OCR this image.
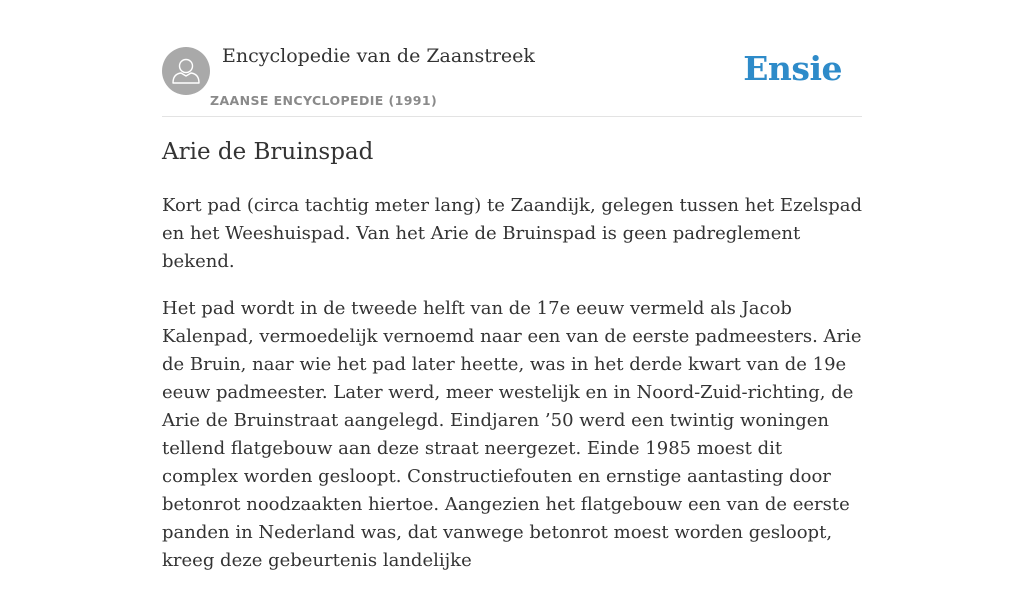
Encyclopedie van de Zaanstreek
ZAANSE ENCYCLOPEDIE (1991)
Ensie
Arie de Bruinspad

Kort pad (circa tachtig meter lang) te Zaandijk, gelegen tussen het Ezelspad en het Weeshuispad. Van het Arie de Bruinspad is geen padreglement bekend.

Het pad wordt in de tweede helft van de 17e eeuw vermeld als Jacob Kalenpad, vermoedelijk vernoemd naar een van de eerste padmeesters. Arie de Bruin, naar wie het pad later heette, was in het derde kwart van de 19e eeuw padmeester. Later werd, meer westelijk en in Noord-Zuid-richting, de Arie de Bruinstraat aangelegd. Eindjaren ’50 werd een twintig woningen tellend flatgebouw aan deze straat neergezet. Einde 1985 moest dit complex worden gesloopt. Constructiefouten en ernstige aantasting door betonrot noodzaakten hiertoe. Aangezien het flatgebouw een van de eerste panden in Nederland was, dat vanwege betonrot moest worden gesloopt, kreeg deze gebeurtenis landelijke
